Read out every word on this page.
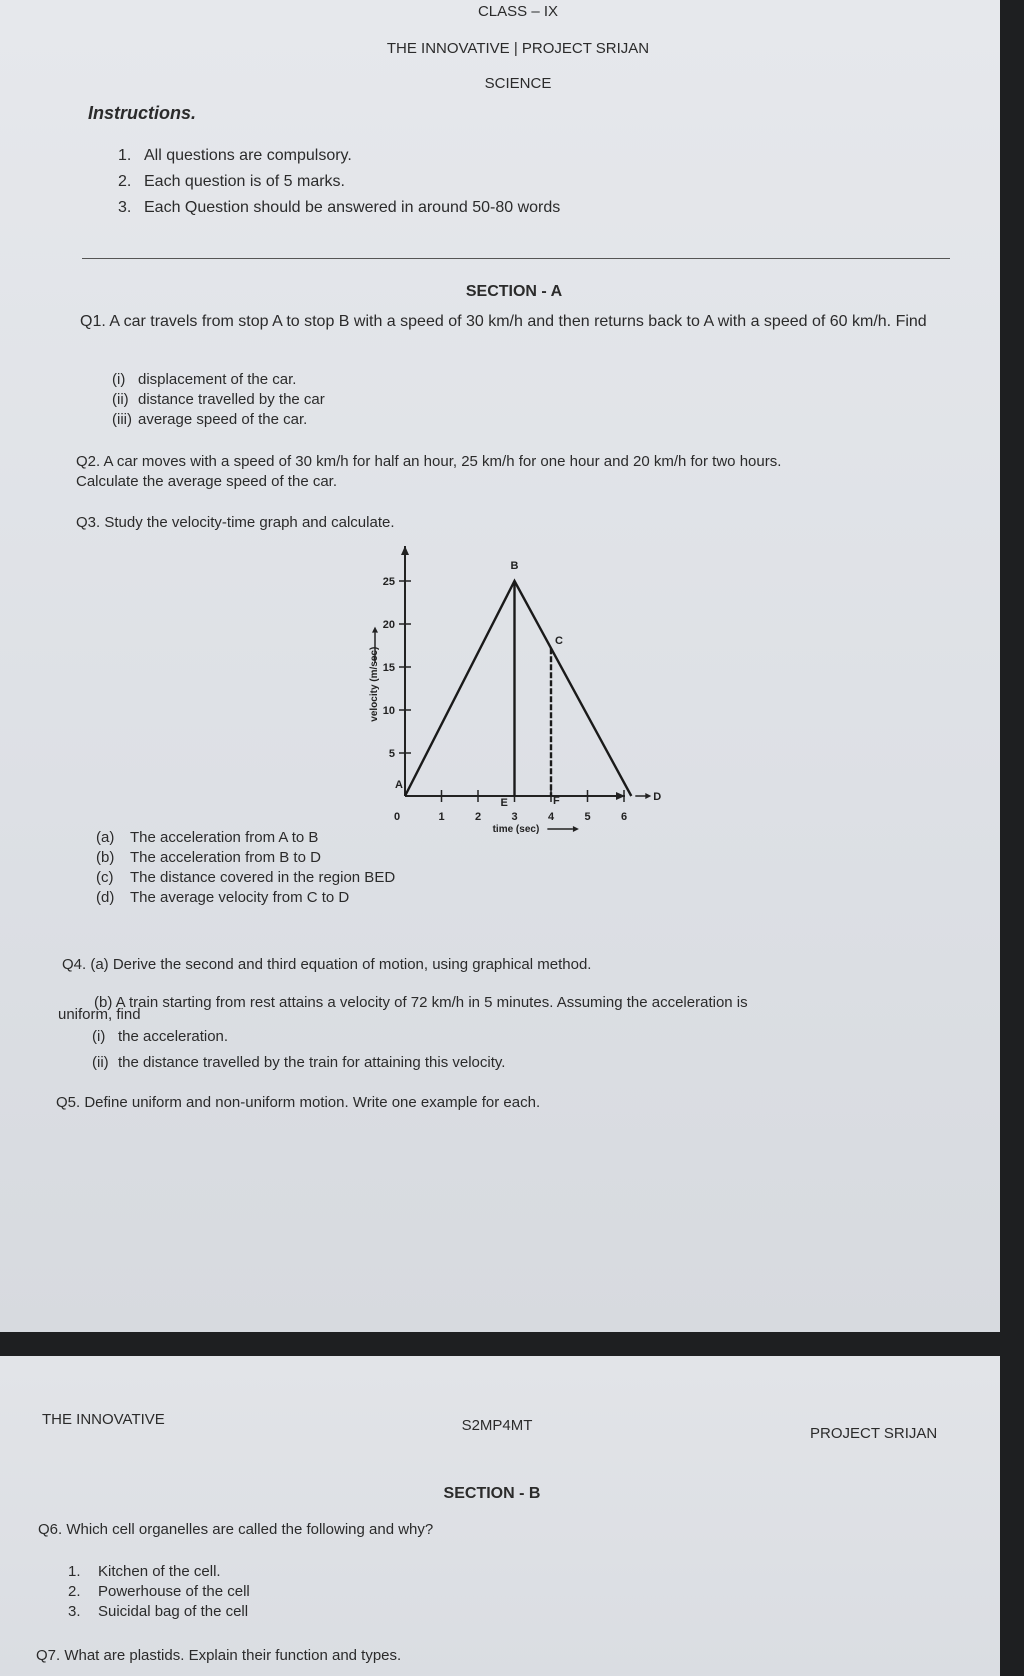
CLASS – IX
THE INNOVATIVE | PROJECT SRIJAN
SCIENCE
Instructions.
1. All questions are compulsory.
2. Each question is of 5 marks.
3. Each Question should be answered in around 50-80 words
SECTION - A
Q1. A car travels from stop A to stop B with a speed of 30 km/h and then returns back to A with a speed of 60 km/h. Find
(i) displacement of the car.
(ii) distance travelled by the car
(iii) average speed of the car.
Q2. A car moves with a speed of 30 km/h for half an hour, 25 km/h for one hour and 20 km/h for two hours.
Calculate the average speed of the car.
Q3. Study the velocity-time graph and calculate.
5
10
15
20
25
0	1	2	3	4	5	6
velocity (m/sec)
time (sec)
A
B
C
D
E	F
(a) The acceleration from A to B
(b) The acceleration from B to D
(c) The distance covered in the region BED
(d) The average velocity from C to D
Q4. (a) Derive the second and third equation of motion, using graphical method.
(b) A train starting from rest attains a velocity of 72 km/h in 5 minutes. Assuming the acceleration is
uniform, find
(i) the acceleration.
(ii) the distance travelled by the train for attaining this velocity.
Q5. Define uniform and non-uniform motion. Write one example for each.
THE INNOVATIVE	S2MP4MT	PROJECT SRIJAN
SECTION - B
Q6. Which cell organelles are called the following and why?
1. Kitchen of the cell.
2. Powerhouse of the cell
3. Suicidal bag of the cell
Q7. What are plastids. Explain their function and types.
